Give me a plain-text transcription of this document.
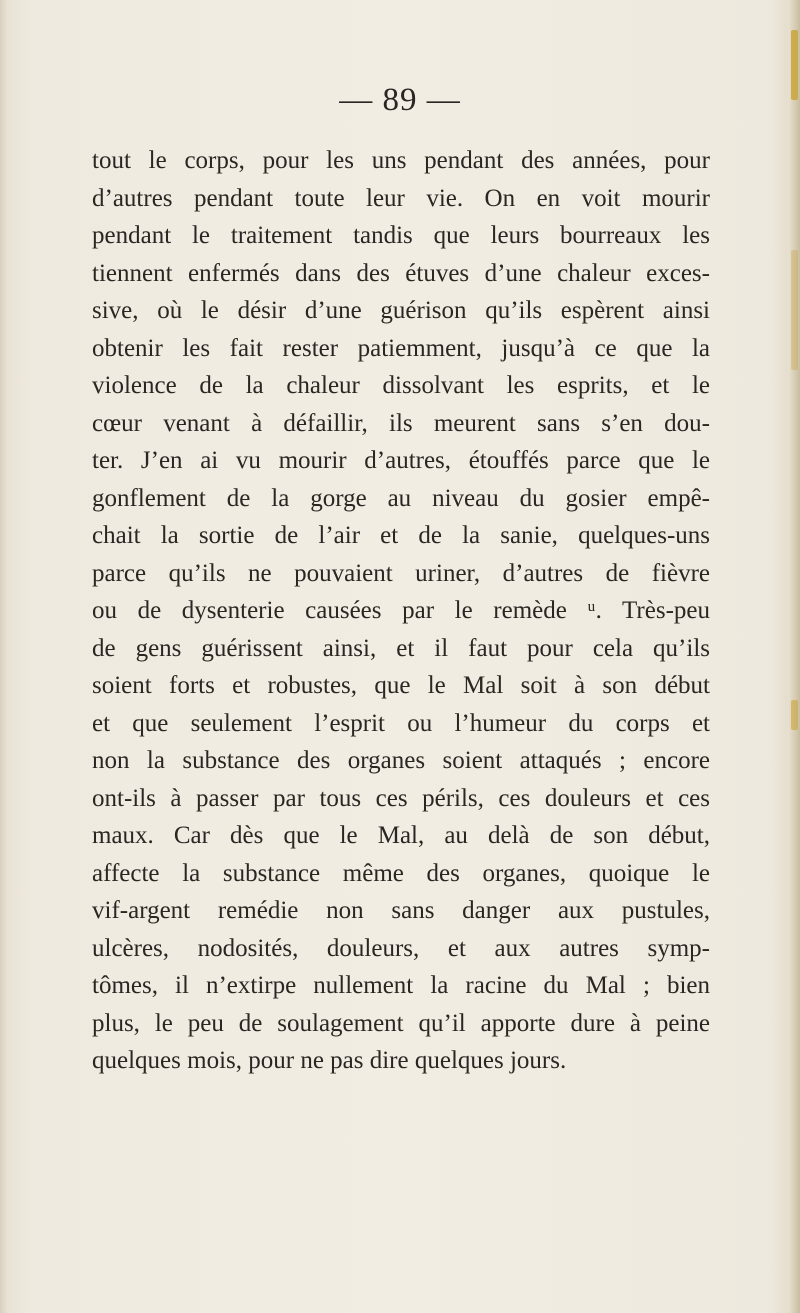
— 89 —
tout le corps, pour les uns pendant des années, pour
d’autres pendant toute leur vie. On en voit mourir
pendant le traitement tandis que leurs bourreaux les
tiennent enfermés dans des étuves d’une chaleur exces-
sive, où le désir d’une guérison qu’ils espèrent ainsi
obtenir les fait rester patiemment, jusqu’à ce que la
violence de la chaleur dissolvant les esprits, et le
cœur venant à défaillir, ils meurent sans s’en dou-
ter. J’en ai vu mourir d’autres, étouffés parce que le
gonflement de la gorge au niveau du gosier empê-
chait la sortie de l’air et de la sanie, quelques-uns
parce qu’ils ne pouvaient uriner, d’autres de fièvre
ou de dysenterie causées par le remède ᵘ. Très-peu
de gens guérissent ainsi, et il faut pour cela qu’ils
soient forts et robustes, que le Mal soit à son début
et que seulement l’esprit ou l’humeur du corps et
non la substance des organes soient attaqués ; encore
ont-ils à passer par tous ces périls, ces douleurs et ces
maux. Car dès que le Mal, au delà de son début,
affecte la substance même des organes, quoique le
vif-argent remédie non sans danger aux pustules,
ulcères, nodosités, douleurs, et aux autres symp-
tômes, il n’extirpe nullement la racine du Mal ; bien
plus, le peu de soulagement qu’il apporte dure à peine
quelques mois, pour ne pas dire quelques jours.
